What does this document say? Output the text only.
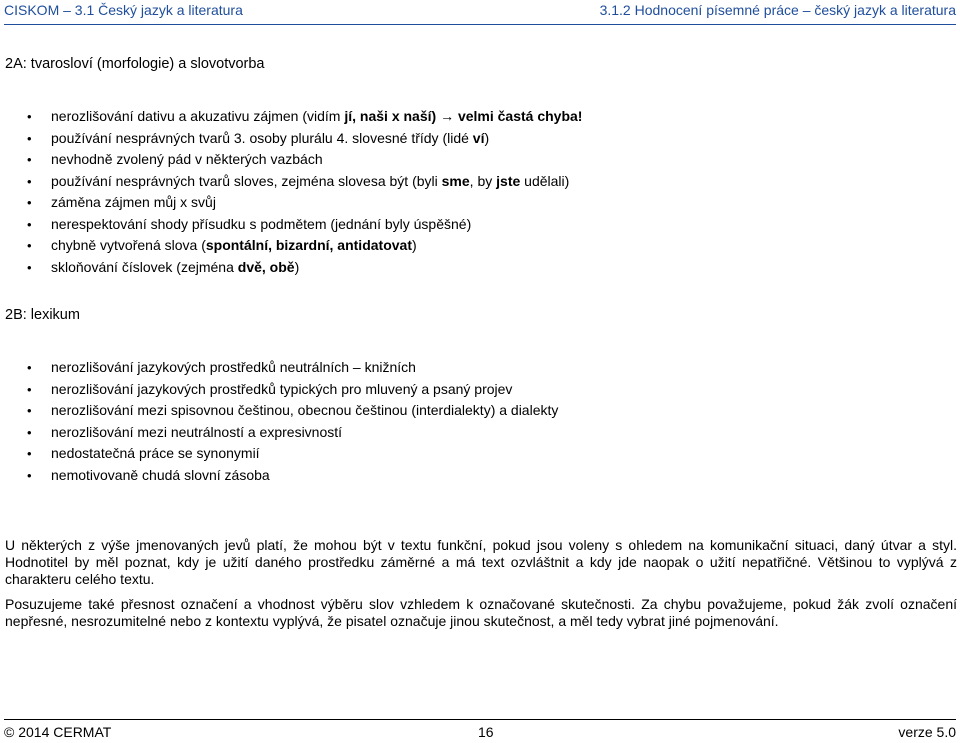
CISKOM – 3.1 Český jazyk a literatura	3.1.2 Hodnocení písemné práce – český jazyk a literatura
2A: tvarosloví (morfologie) a slovotvorba
• nerozlišování dativu a akuzativu zájmen (vidím jí, naši x naší) → velmi častá chyba!
• používání nesprávných tvarů 3. osoby plurálu 4. slovesné třídy (lidé ví)
• nevhodně zvolený pád v některých vazbách
• používání nesprávných tvarů sloves, zejména slovesa být (byli sme, by jste udělali)
• záměna zájmen můj x svůj
• nerespektování shody přísudku s podmětem (jednání byly úspěšné)
• chybně vytvořená slova (spontální, bizardní, antidatovat)
• skloňování číslovek (zejména dvě, obě)
2B: lexikum
• nerozlišování jazykových prostředků neutrálních – knižních
• nerozlišování jazykových prostředků typických pro mluvený a psaný projev
• nerozlišování mezi spisovnou češtinou, obecnou češtinou (interdialekty) a dialekty
• nerozlišování mezi neutrálností a expresivností
• nedostatečná práce se synonymií
• nemotivovaně chudá slovní zásoba

U některých z výše jmenovaných jevů platí, že mohou být v textu funkční, pokud jsou voleny s ohledem na komunikační situaci, daný útvar a styl. Hodnotitel by měl poznat, kdy je užití daného prostředku záměrné a má text ozvláštnit a kdy jde naopak o užití nepatřičné. Většinou to vyplývá z charakteru celého textu.

Posuzujeme také přesnost označení a vhodnost výběru slov vzhledem k označované skutečnosti. Za chybu považujeme, pokud žák zvolí označení nepřesné, nesrozumitelné nebo z kontextu vyplývá, že pisatel označuje jinou skutečnost, a měl tedy vybrat jiné pojmenování.

© 2014 CERMAT	16	verze 5.0
